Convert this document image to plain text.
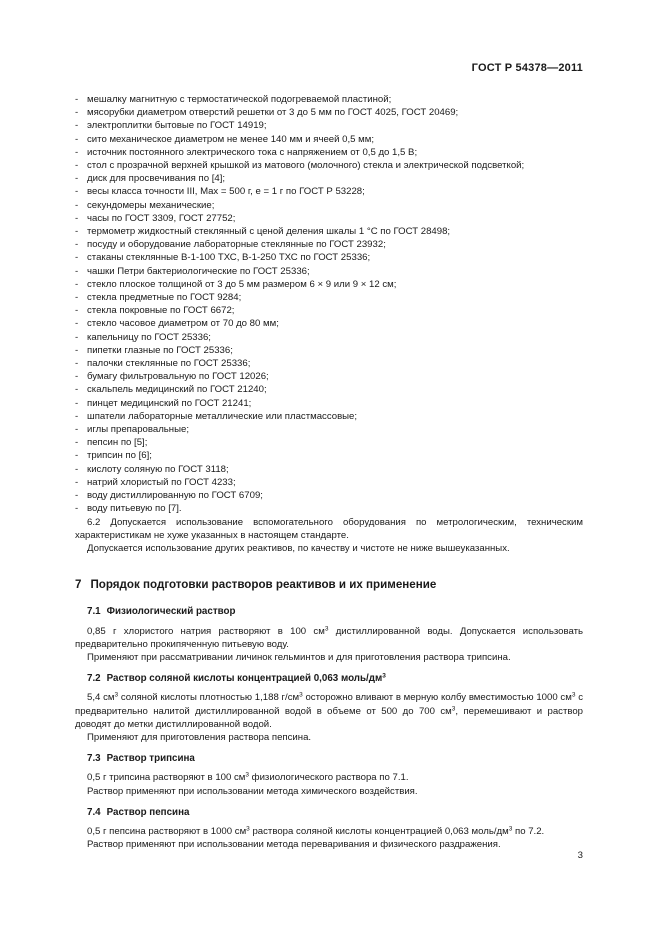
ГОСТ Р 54378—2011
- мешалку магнитную с термостатической подогреваемой пластиной;
- мясорубки диаметром отверстий решетки от 3 до 5 мм по ГОСТ 4025, ГОСТ 20469;
- электроплитки бытовые по ГОСТ 14919;
- сито механическое диаметром не менее 140 мм и ячеей 0,5 мм;
- источник постоянного электрического тока с напряжением от 0,5 до 1,5 В;
- стол с прозрачной верхней крышкой из матового (молочного) стекла и электрической подсветкой;
- диск для просвечивания по [4];
- весы класса точности III, Max = 500 г, e = 1 г по ГОСТ Р 53228;
- секундомеры механические;
- часы по ГОСТ 3309, ГОСТ 27752;
- термометр жидкостный стеклянный с ценой деления шкалы 1 °С по ГОСТ 28498;
- посуду и оборудование лабораторные стеклянные по ГОСТ 23932;
- стаканы стеклянные В-1-100 ТХС, В-1-250 ТХС по ГОСТ 25336;
- чашки Петри бактериологические по ГОСТ 25336;
- стекло плоское толщиной от 3 до 5 мм размером 6 × 9 или 9 × 12 см;
- стекла предметные по ГОСТ 9284;
- стекла покровные по ГОСТ 6672;
- стекло часовое диаметром от 70 до 80 мм;
- капельницу по ГОСТ 25336;
- пипетки глазные по ГОСТ 25336;
- палочки стеклянные по ГОСТ 25336;
- бумагу фильтровальную по ГОСТ 12026;
- скальпель медицинский по ГОСТ 21240;
- пинцет медицинский по ГОСТ 21241;
- шпатели лабораторные металлические или пластмассовые;
- иглы препаровальные;
- пепсин по [5];
- трипсин по [6];
- кислоту соляную по ГОСТ 3118;
- натрий хлористый по ГОСТ 4233;
- воду дистиллированную по ГОСТ 6709;
- воду питьевую по [7].

6.2 Допускается использование вспомогательного оборудования по метрологическим, техническим характеристикам не хуже указанных в настоящем стандарте.

Допускается использование других реактивов, по качеству и чистоте не ниже вышеуказанных.

7 Порядок подготовки растворов реактивов и их применение
7.1 Физиологический раствор

0,85 г хлористого натрия растворяют в 100 $см^3$ дистиллированной воды. Допускается использовать предварительно прокипяченную питьевую воду.

Применяют при рассматривании личинок гельминтов и для приготовления раствора трипсина.

7.2 Раствор соляной кислоты концентрацией 0,063 моль/$дм^3$

5,4 $см^3$ соляной кислоты плотностью 1,188 $г/см^3$ осторожно вливают в мерную колбу вместимостью 1000 $см^3$ с предварительно налитой дистиллированной водой в объеме от 500 до 700 $см^3$, перемешивают и раствор доводят до метки дистиллированной водой.

Применяют для приготовления раствора пепсина.

7.3 Раствор трипсина

0,5 г трипсина растворяют в 100 $см^3$ физиологического раствора по 7.1.

Раствор применяют при использовании метода химического воздействия.

7.4 Раствор пепсина

0,5 г пепсина растворяют в 1000 $см^3$ раствора соляной кислоты концентрацией 0,063 моль/$дм^3$ по 7.2.

Раствор применяют при использовании метода переваривания и физического раздражения.

3
